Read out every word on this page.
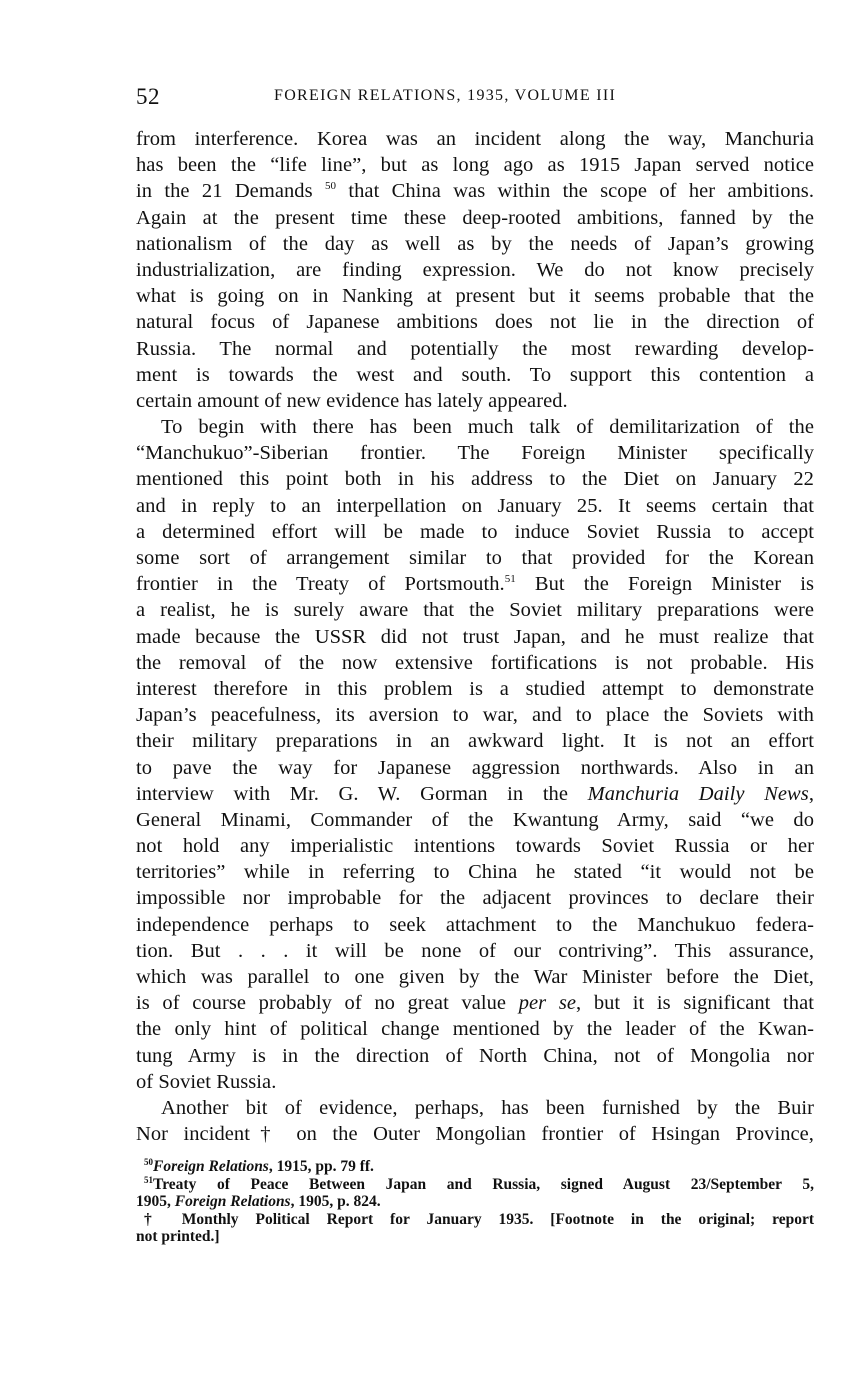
52	FOREIGN RELATIONS, 1935, VOLUME III
from interference. Korea was an incident along the way, Manchuria
has been the “life line”, but as long ago as 1915 Japan served notice
in the 21 Demands $^{50}$ that China was within the scope of her ambitions.
Again at the present time these deep-rooted ambitions, fanned by the
nationalism of the day as well as by the needs of Japan’s growing
industrialization, are finding expression. We do not know precisely
what is going on in Nanking at present but it seems probable that the
natural focus of Japanese ambitions does not lie in the direction of
Russia. The normal and potentially the most rewarding develop-
ment is towards the west and south. To support this contention a
certain amount of new evidence has lately appeared.
To begin with there has been much talk of demilitarization of the
“Manchukuo”-Siberian frontier. The Foreign Minister specifically
mentioned this point both in his address to the Diet on January 22
and in reply to an interpellation on January 25. It seems certain that
a determined effort will be made to induce Soviet Russia to accept
some sort of arrangement similar to that provided for the Korean
frontier in the Treaty of Portsmouth.$^{51}$ But the Foreign Minister is
a realist, he is surely aware that the Soviet military preparations were
made because the USSR did not trust Japan, and he must realize that
the removal of the now extensive fortifications is not probable. His
interest therefore in this problem is a studied attempt to demonstrate
Japan’s peacefulness, its aversion to war, and to place the Soviets with
their military preparations in an awkward light. It is not an effort
to pave the way for Japanese aggression northwards. Also in an
interview with Mr. G. W. Gorman in the Manchuria Daily News,
General Minami, Commander of the Kwantung Army, said “we do
not hold any imperialistic intentions towards Soviet Russia or her
territories” while in referring to China he stated “it would not be
impossible nor improbable for the adjacent provinces to declare their
independence perhaps to seek attachment to the Manchukuo federa-
tion. But . . . it will be none of our contriving”. This assurance,
which was parallel to one given by the War Minister before the Diet,
is of course probably of no great value per se, but it is significant that
the only hint of political change mentioned by the leader of the Kwan-
tung Army is in the direction of North China, not of Mongolia nor
of Soviet Russia.
Another bit of evidence, perhaps, has been furnished by the Buir
Nor incident† on the Outer Mongolian frontier of Hsingan Province,
$^{50}$Foreign Relations, 1915, pp. 79 ff.
$^{51}$Treaty of Peace Between Japan and Russia, signed August 23/September 5,
1905, Foreign Relations, 1905, p. 824.
† Monthly Political Report for January 1935. [Footnote in the original; report
not printed.]
